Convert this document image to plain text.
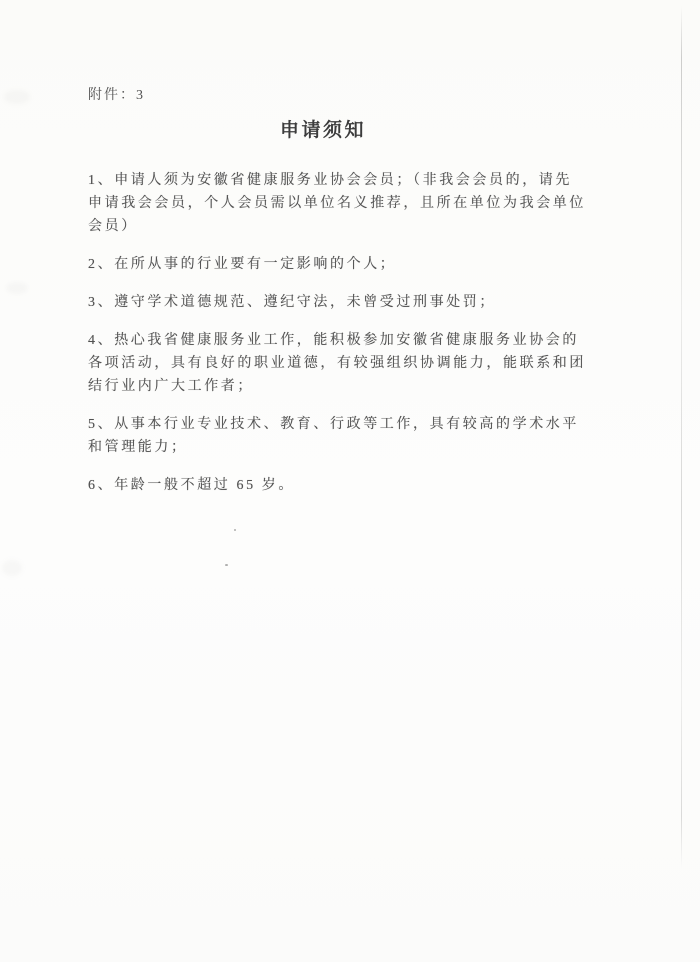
附件：3
申请须知
1、申请人须为安徽省健康服务业协会会员；（非我会会员的，请先
申请我会会员，个人会员需以单位名义推荐，且所在单位为我会单位
会员）
2、在所从事的行业要有一定影响的个人；
3、遵守学术道德规范、遵纪守法，未曾受过刑事处罚；
4、热心我省健康服务业工作，能积极参加安徽省健康服务业协会的
各项活动，具有良好的职业道德，有较强组织协调能力，能联系和团
结行业内广大工作者；
5、从事本行业专业技术、教育、行政等工作，具有较高的学术水平
和管理能力；
6、年龄一般不超过 65 岁。
